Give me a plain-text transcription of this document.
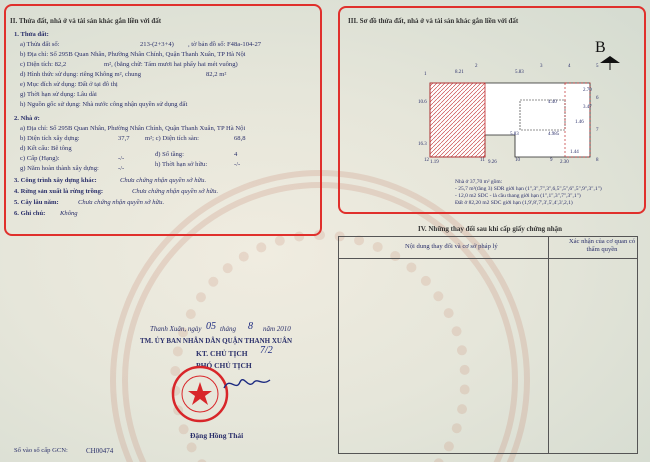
II. Thửa đất, nhà ở và tài sản khác gắn liền với đất
1. Thửa đất:
a) Thửa đất số:	213-(2+3+4) , tờ bản đồ số: F48a-104-27
b) Địa chỉ: Số 295B Quan Nhân, Phường Nhân Chính, Quận Thanh Xuân, TP Hà Nội
c) Diện tích: 82,2	m², (bằng chữ: Tám mươi hai phẩy hai mét vuông)
d) Hình thức sử dụng: riêng Không m², chung	82,2 m²
e) Mục đích sử dụng: Đất ở tại đô thị
g) Thời hạn sử dụng: Lâu dài
h) Nguồn gốc sử dụng: Nhà nước công nhận quyền sử dụng đất
2. Nhà ở:
a) Địa chỉ: Số 295B Quan Nhân, Phường Nhân Chính, Quận Thanh Xuân, TP Hà Nội
b) Diện tích xây dựng:	37,7 m²; c) Diện tích sàn:	68,8
d) Kết cấu: Bê tông
c) Cấp (Hạng):	-/-
đ) Số tầng:	4
h) Thời hạn sở hữu:	-/-
g) Năm hoàn thành xây dựng:	-/-
3. Công trình xây dựng khác:	Chưa chứng nhận quyền sở hữu.
4. Rừng sản xuất là rừng trồng:	Chưa chứng nhận quyền sở hữu.
5. Cây lâu năm:	Chưa chứng nhận quyền sở hữu.
6. Ghi chú: Không
III. Sơ đồ thửa đất, nhà ở và tài sản khác gắn liền với đất
B
8.21	5.83
4.40
5.83
2.70
4.985
1.46
3.47
1.44
2.30
10.6
16.3
9.26
1.19
2	3	4	5
6
7
8
9
10
11
12
1
Nhà ở 37,70 m² gồm:
- 25,7 m²(tầng 3) SDR giới hạn (1",3",7",3",6,5",5",6",5",9",3",1")
- 12,0 m2 SDC - là cầu thang giới hạn (1",1",3",7",3",1")
Đất ở 82,20 m2 SDC giới hạn (1,9',8',7',3',5',4',3',2,1)
IV. Những thay đổi sau khi cấp giấy chứng nhận
Nội dung thay đổi và cơ sở pháp lý
Xác nhận của cơ quan có thẩm quyền
Thanh Xuân, ngày 05 tháng 8 năm 2010
TM. ỦY BAN NHÂN DÂN QUẬN THANH XUÂN
KT. CHỦ TỊCH 7/2
PHÓ CHỦ TỊCH
Đặng Hồng Thái
Số vào sổ cấp GCN:	CH00474
